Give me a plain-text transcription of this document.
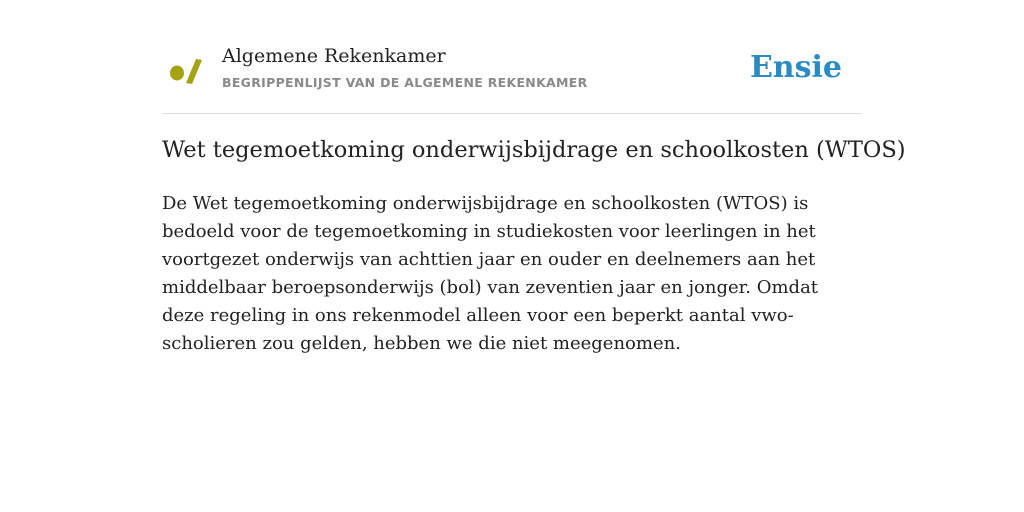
Algemene Rekenkamer
BEGRIPPENLIJST VAN DE ALGEMENE REKENKAMER	Ensie
Wet tegemoetkoming onderwijsbijdrage en schoolkosten (WTOS)

De Wet tegemoetkoming onderwijsbijdrage en schoolkosten (WTOS) is bedoeld voor de tegemoetkoming in studiekosten voor leerlingen in het voortgezet onderwijs van achttien jaar en ouder en deelnemers aan het middelbaar beroepsonderwijs (bol) van zeventien jaar en jonger. Omdat deze regeling in ons rekenmodel alleen voor een beperkt aantal vwo-scholieren zou gelden, hebben we die niet meegenomen.
